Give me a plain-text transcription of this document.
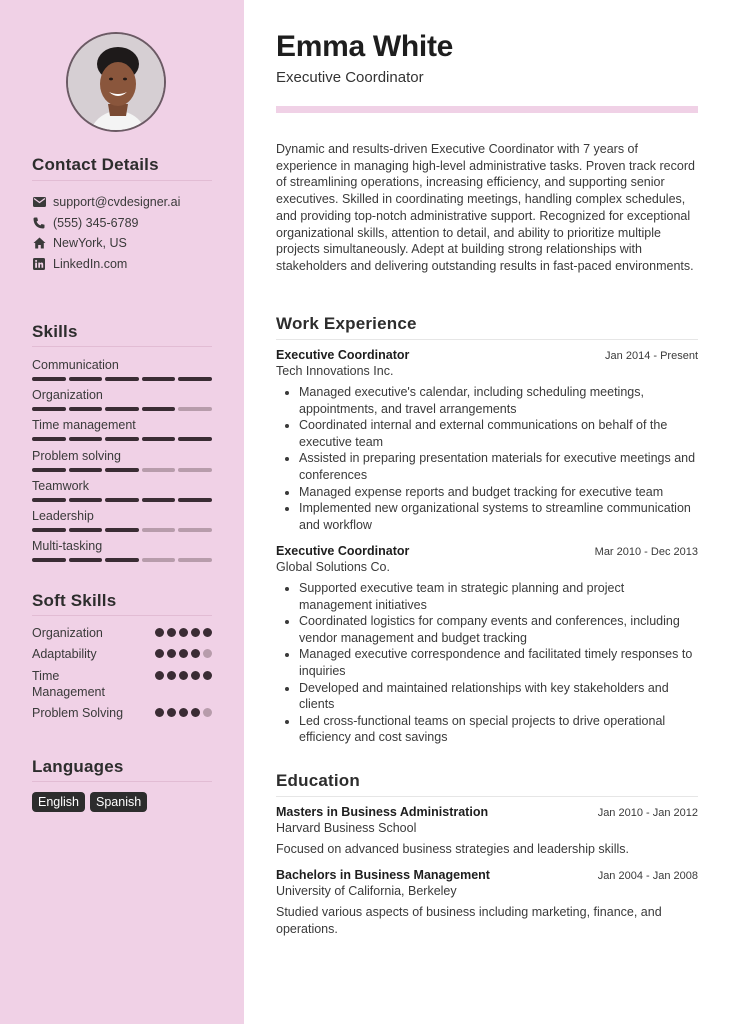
Contact Details
support@cvdesigner.ai
(555) 345-6789
NewYork, US
LinkedIn.com
Skills
Communication
Organization
Time management
Problem solving
Teamwork
Leadership
Multi-tasking
Soft Skills
Organization
Adaptability
Time Management
Problem Solving
Languages
English	Spanish
Emma White
Executive Coordinator
Dynamic and results-driven Executive Coordinator with 7 years of experience in managing high-level administrative tasks. Proven track record of streamlining operations, increasing efficiency, and supporting senior executives. Skilled in coordinating meetings, handling complex schedules, and providing top-notch administrative support. Recognized for exceptional organizational skills, attention to detail, and ability to prioritize multiple projects simultaneously. Adept at building strong relationships with stakeholders and delivering outstanding results in fast-paced environments.
Work Experience
Executive Coordinator	Jan 2014 - Present
Tech Innovations Inc.
• Managed executive's calendar, including scheduling meetings, appointments, and travel arrangements
• Coordinated internal and external communications on behalf of the executive team
• Assisted in preparing presentation materials for executive meetings and conferences
• Managed expense reports and budget tracking for executive team
• Implemented new organizational systems to streamline communication and workflow
Executive Coordinator	Mar 2010 - Dec 2013
Global Solutions Co.
• Supported executive team in strategic planning and project management initiatives
• Coordinated logistics for company events and conferences, including vendor management and budget tracking
• Managed executive correspondence and facilitated timely responses to inquiries
• Developed and maintained relationships with key stakeholders and clients
• Led cross-functional teams on special projects to drive operational efficiency and cost savings
Education
Masters in Business Administration	Jan 2010 - Jan 2012
Harvard Business School
Focused on advanced business strategies and leadership skills.
Bachelors in Business Management	Jan 2004 - Jan 2008
University of California, Berkeley
Studied various aspects of business including marketing, finance, and operations.
